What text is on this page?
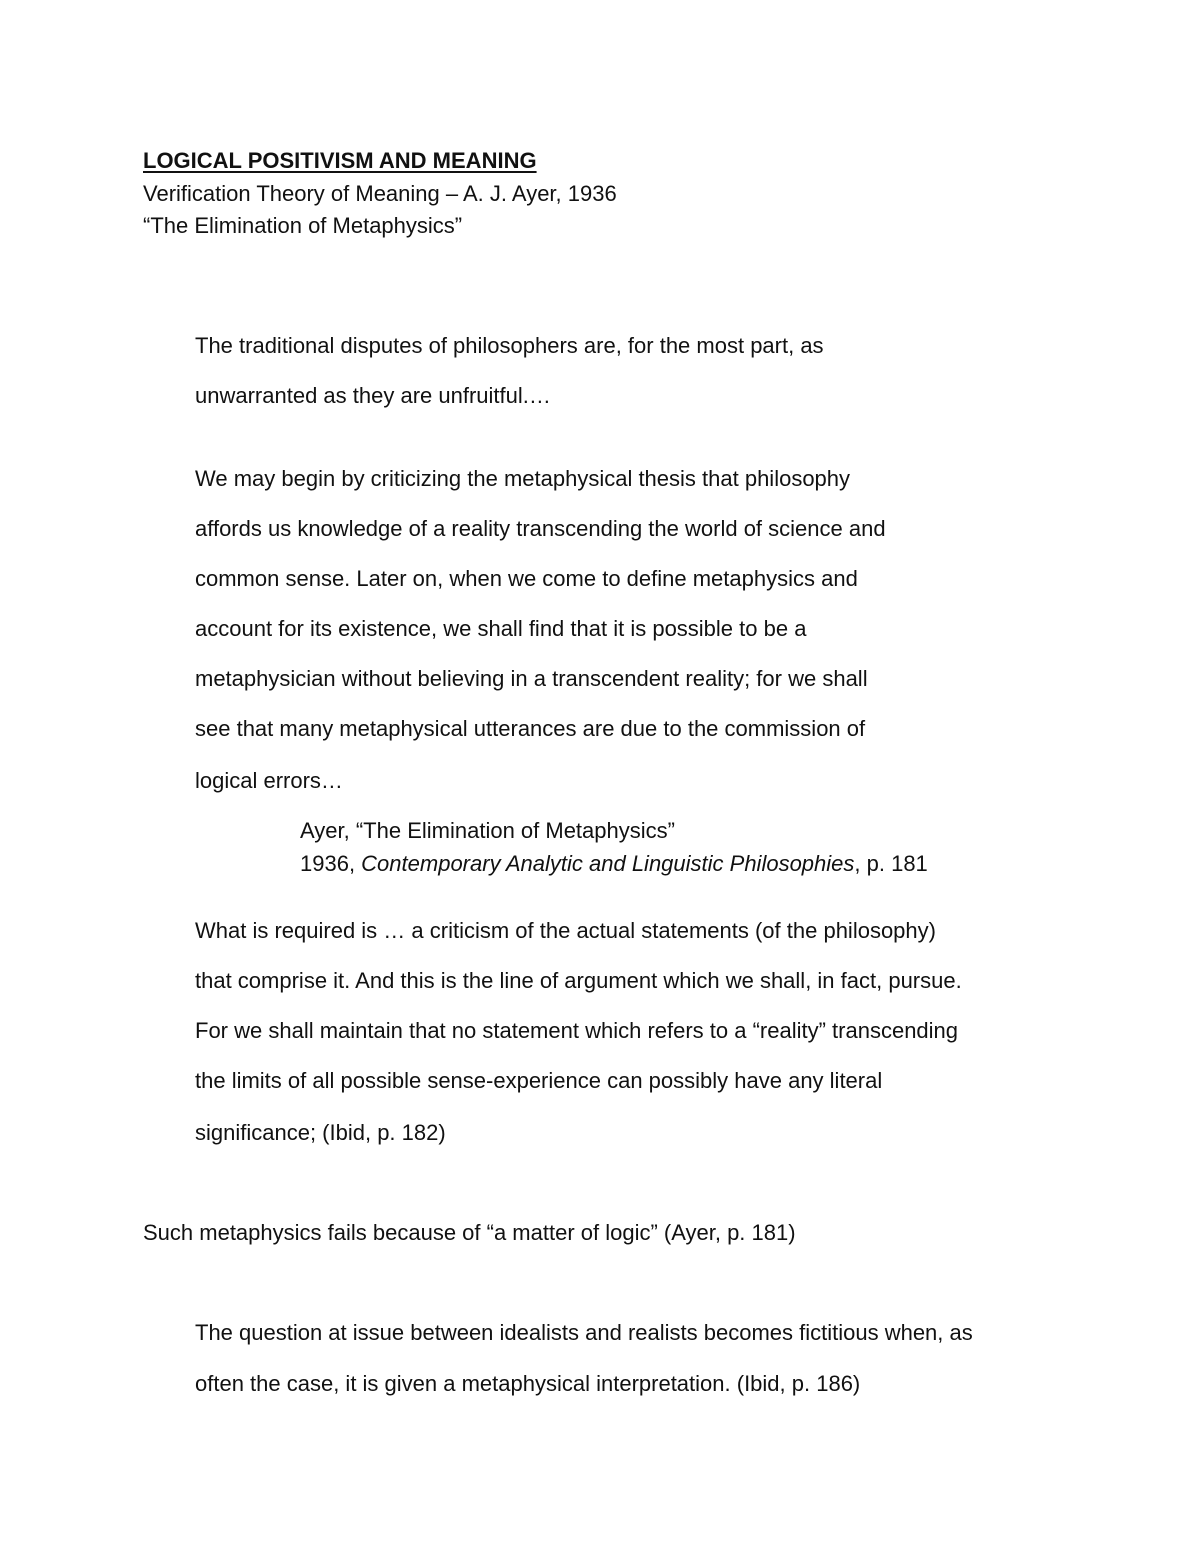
LOGICAL POSITIVISM AND MEANING
Verification Theory of Meaning – A. J. Ayer, 1936
“The Elimination of Metaphysics”
The traditional disputes of philosophers are, for the most part, as
unwarranted as they are unfruitful.…
We may begin by criticizing the metaphysical thesis that philosophy
affords us knowledge of a reality transcending the world of science and
common sense. Later on, when we come to define metaphysics and
account for its existence, we shall find that it is possible to be a
metaphysician without believing in a transcendent reality; for we shall
see that many metaphysical utterances are due to the commission of
logical errors…
Ayer, “The Elimination of Metaphysics”
1936, Contemporary Analytic and Linguistic Philosophies, p. 181
What is required is … a criticism of the actual statements (of the philosophy)
that comprise it. And this is the line of argument which we shall, in fact, pursue.
For we shall maintain that no statement which refers to a “reality” transcending
the limits of all possible sense-experience can possibly have any literal
significance; (Ibid, p. 182)
Such metaphysics fails because of “a matter of logic” (Ayer, p. 181)
The question at issue between idealists and realists becomes fictitious when, as
often the case, it is given a metaphysical interpretation. (Ibid, p. 186)
